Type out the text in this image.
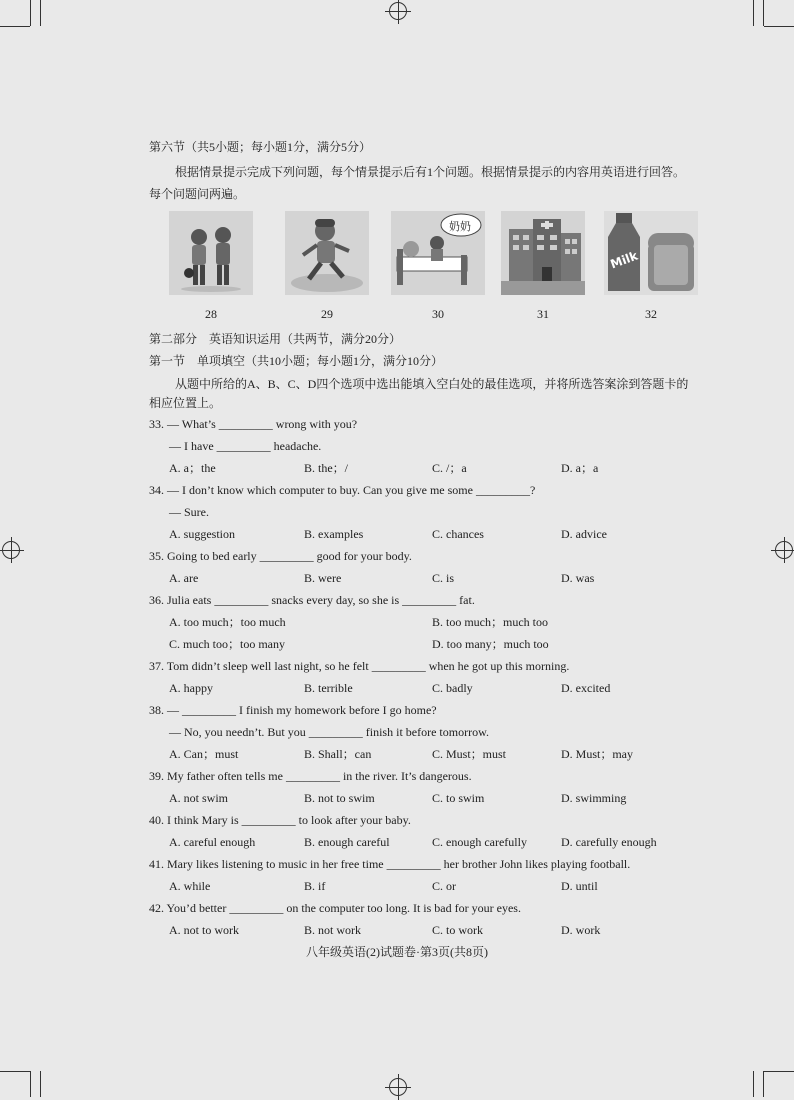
第六节（共5小题；每小题1分，满分5分）
根据情景提示完成下列问题，每个情景提示后有1个问题。根据情景提示的内容用英语进行回答。每个问题问两遍。
28	29
奶奶
30	31
Milk
32
第二部分　英语知识运用（共两节，满分20分）
第一节　单项填空（共10小题；每小题1分，满分10分）
从题中所给的A、B、C、D四个选项中选出能填入空白处的最佳选项，并将所选答案涂到答题卡的相应位置上。
33. — What’s _________ wrong with you?
— I have _________ headache.
A. a；the	B. the；/	C. /；a	D. a；a
34. — I don’t know which computer to buy. Can you give me some _________?
— Sure.
A. suggestion	B. examples	C. chances	D. advice
35. Going to bed early _________ good for your body.
A. are	B. were	C. is	D. was
36. Julia eats _________ snacks every day, so she is _________ fat.
A. too much；too much	B. too much；much too
C. much too；too many	D. too many；much too
37. Tom didn’t sleep well last night, so he felt _________ when he got up this morning.
A. happy	B. terrible	C. badly	D. excited
38. — _________ I finish my homework before I go home?
— No, you needn’t. But you _________ finish it before tomorrow.
A. Can；must	B. Shall；can	C. Must；must	D. Must；may
39. My father often tells me _________ in the river. It’s dangerous.
A. not swim	B. not to swim	C. to swim	D. swimming
40. I think Mary is _________ to look after your baby.
A. careful enough	B. enough careful	C. enough carefully	D. carefully enough
41. Mary likes listening to music in her free time _________ her brother John likes playing football.
A. while	B. if	C. or	D. until
42. You’d better _________ on the computer too long. It is bad for your eyes.
A. not to work	B. not work	C. to work	D. work
八年级英语(2)试题卷·第3页(共8页)
